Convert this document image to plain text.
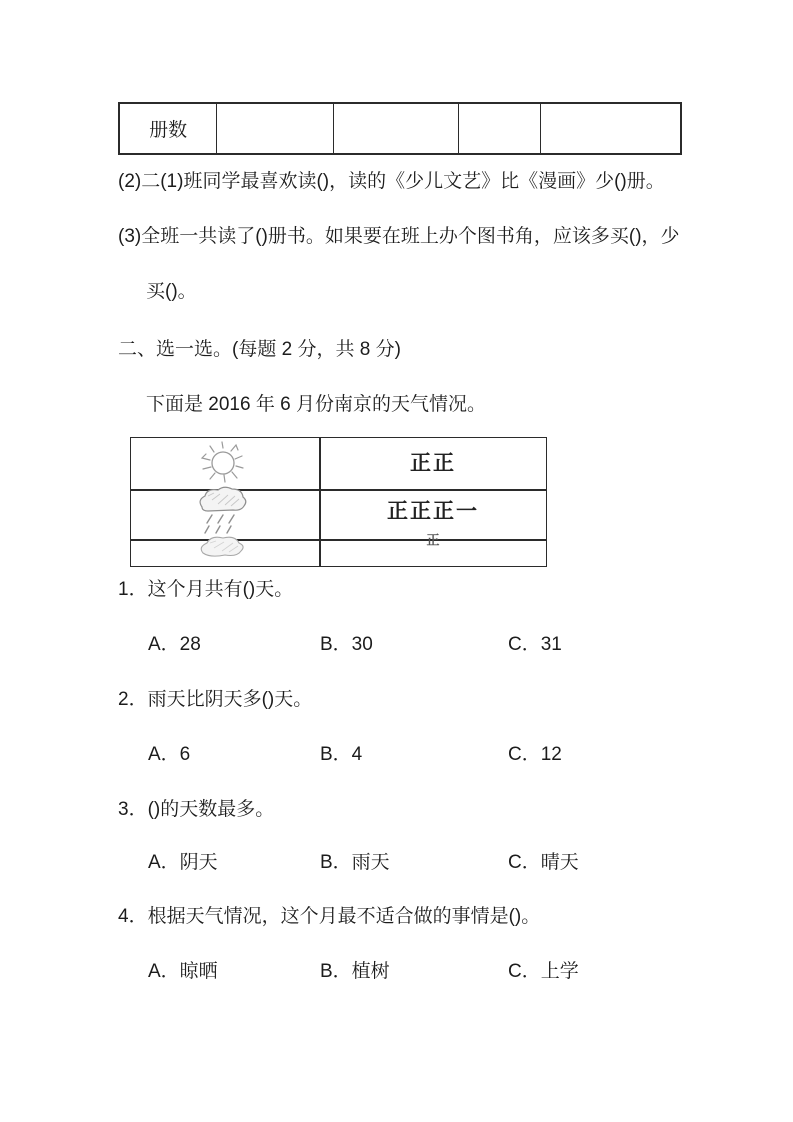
册数
(2)二(1)班同学最喜欢读()，读的《少儿文艺》比《漫画》少()册。
(3)全班一共读了()册书。如果要在班上办个图书角，应该多买()，少
买()。
二、选一选。(每题 2 分，共 8 分)
下面是 2016 年 6 月份南京的天气情况。
正正
正正正一
正
1．这个月共有()天。
A．28	B．30	C．31
2．雨天比阴天多()天。
A．6	B．4	C．12
3．()的天数最多。
A．阴天	B．雨天	C．晴天
4．根据天气情况，这个月最不适合做的事情是()。
A．晾晒	B．植树	C．上学
